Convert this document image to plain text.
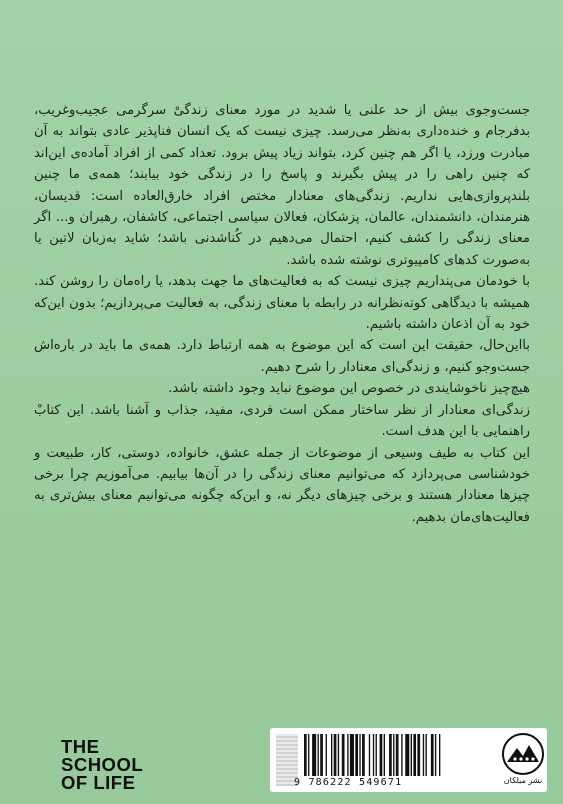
جست‌وجوی بیش از حد علنی یا شدید در مورد معنای زندگیْ سرگرمی عجیب‌وغریب، بدفرجام و خنده‌داری به‌نظر می‌رسد. چیزی نیست که یک انسان فناپذیر عادی بتواند به آن مبادرت ورزد، یا اگر هم چنین کرد، بتواند زیاد پیش برود. تعداد کمی از افراد آماده‌ی این‌اند که چنین راهی را در پیش بگیرند و پاسخ را در زندگی خود بیابند؛ همه‌ی ما چنین بلندپروازی‌هایی نداریم. زندگی‌های معنادار مختص افراد خارق‌العاده است: قدیسان، هنرمندان، دانشمندان، عالمان، پزشکان، فعالان سیاسی اجتماعی، کاشفان، رهبران و... اگر معنای زندگی را کشف کنیم، احتمال می‌دهیم در کُناشدنی باشد؛ شاید به‌زبان لاتین یا به‌صورت کدهای کامپیوتری نوشته شده باشد.

با خودمان می‌پنداریم چیزی نیست که به فعالیت‌های ما جهت بدهد، یا راه‌مان را روشن کند. همیشه با دیدگاهی کوته‌نظرانه در رابطه با معنای زندگی، به فعالیت می‌پردازیم؛ بدون این‌که خود به آن اذعان داشته باشیم.

بااین‌حال، حقیقت این است که این موضوع به همه ارتباط دارد. همه‌ی ما باید در باره‌اش جست‌وجو کنیم، و زندگی‌ای معنادار را شرح دهیم.

هیچ‌چیز ناخوشایندی در خصوص این موضوع نباید وجود داشته باشد.

زندگی‌ای معنادار از نظر ساختار ممکن است فردی، مفید، جذاب و آشنا باشد. این کتابْ راهنمایی با این هدف است.

این کتاب به طیف وسیعی از موضوعات از جمله عشق، خانواده، دوستی، کار، طبیعت و خودشناسی می‌پردازد که می‌توانیم معنای زندگی را در آن‌ها بیابیم. می‌آموزیم چرا برخی چیزها معنادار هستند و برخی چیزهای دیگر نه، و این‌که چگونه می‌توانیم معنای بیش‌تری به فعالیت‌های‌مان بدهیم.

THE
SCHOOL
OF LIFE	9 786222 549671	نشر میلکان
